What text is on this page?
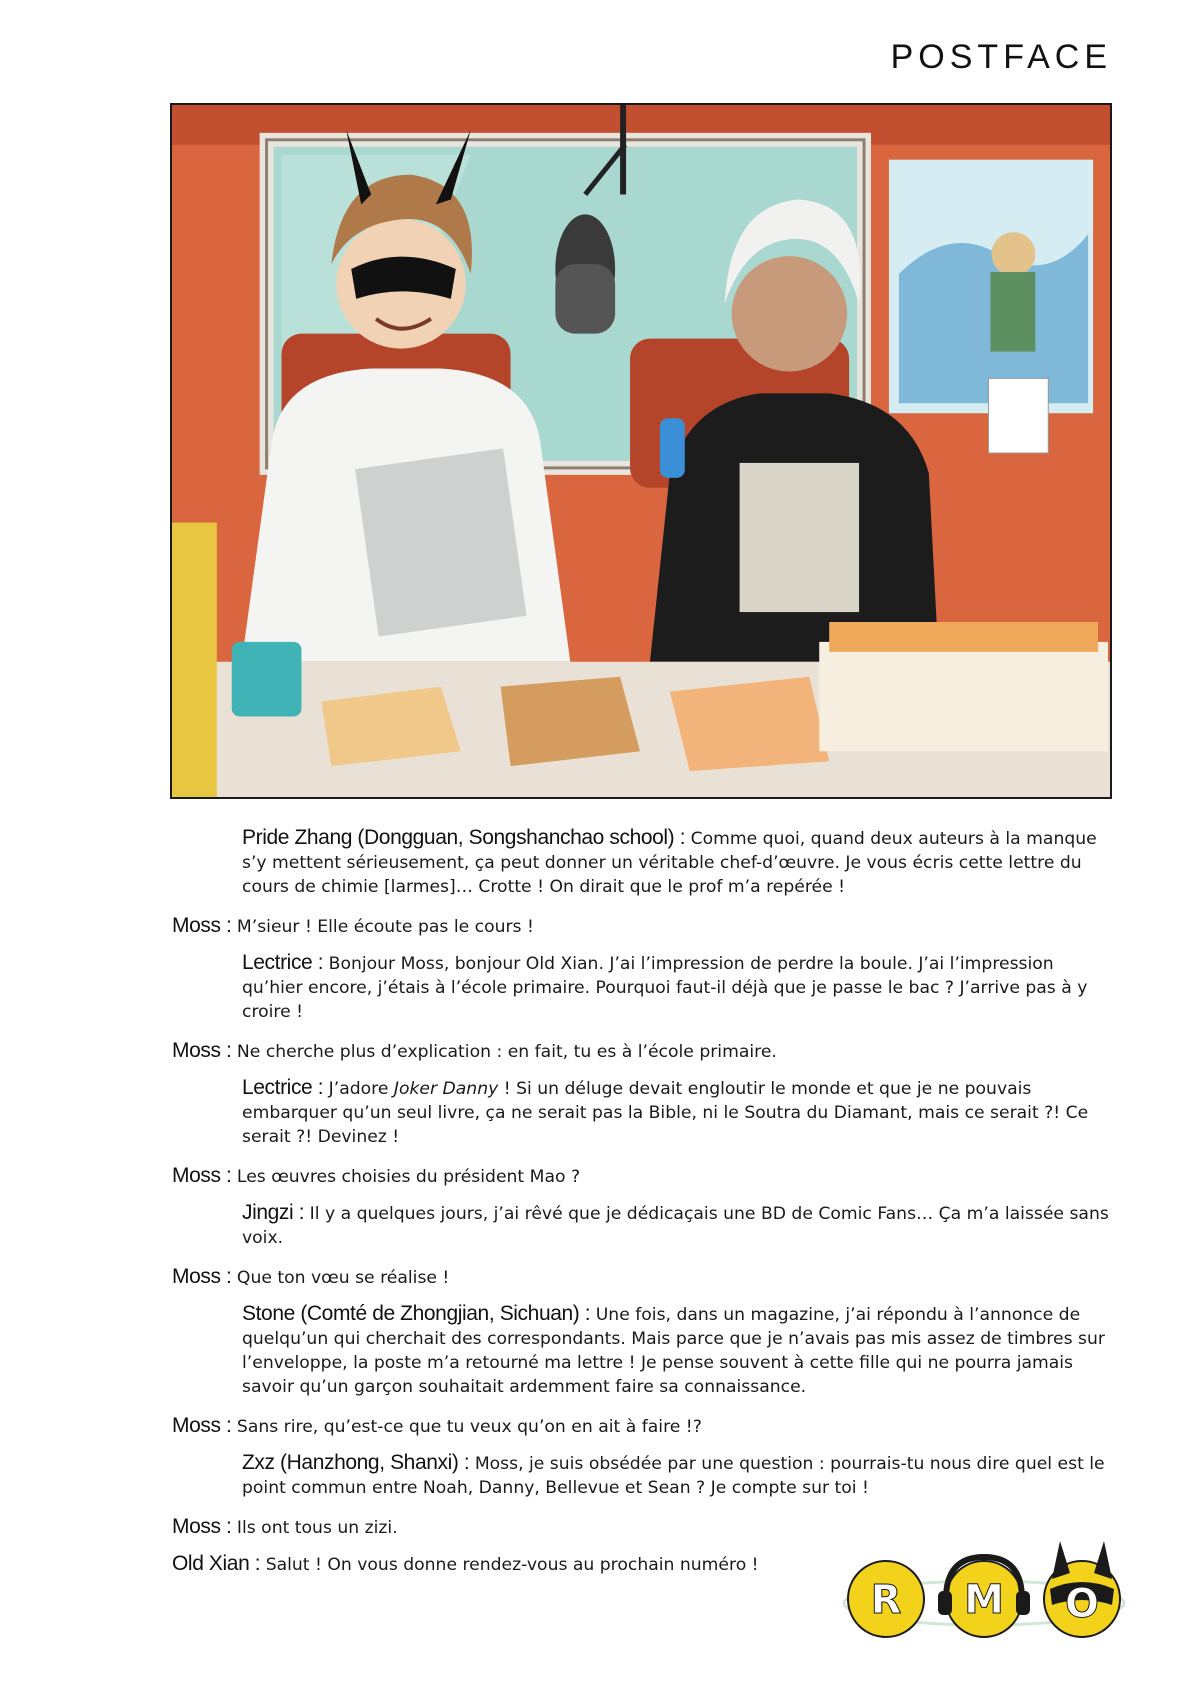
POSTFACE

Pride Zhang (Dongguan, Songshanchao school) : Comme quoi, quand deux auteurs à la manque s’y mettent sérieusement, ça peut donner un véritable chef-d’œuvre. Je vous écris cette lettre du cours de chimie [larmes]… Crotte ! On dirait que le prof m’a repérée !

Moss : M’sieur ! Elle écoute pas le cours !

Lectrice : Bonjour Moss, bonjour Old Xian. J’ai l’impression de perdre la boule. J’ai l’impression qu’hier encore, j’étais à l’école primaire. Pourquoi faut-il déjà que je passe le bac ? J’arrive pas à y croire !

Moss : Ne cherche plus d’explication : en fait, tu es à l’école primaire.

Lectrice : J’adore Joker Danny ! Si un déluge devait engloutir le monde et que je ne pouvais embarquer qu’un seul livre, ça ne serait pas la Bible, ni le Soutra du Diamant, mais ce serait ?! Ce serait ?! Devinez !

Moss : Les œuvres choisies du président Mao ?

Jingzi : Il y a quelques jours, j’ai rêvé que je dédicaçais une BD de Comic Fans… Ça m’a laissée sans voix.

Moss : Que ton vœu se réalise !

Stone (Comté de Zhongjian, Sichuan) : Une fois, dans un magazine, j’ai répondu à l’annonce de quelqu’un qui cherchait des correspondants. Mais parce que je n’avais pas mis assez de timbres sur l’enveloppe, la poste m’a retourné ma lettre ! Je pense souvent à cette fille qui ne pourra jamais savoir qu’un garçon souhaitait ardemment faire sa connaissance.

Moss : Sans rire, qu’est-ce que tu veux qu’on en ait à faire !?

Zxz (Hanzhong, Shanxi) : Moss, je suis obsédée par une question : pourrais-tu nous dire quel est le point commun entre Noah, Danny, Bellevue et Sean ? Je compte sur toi !

Moss : Ils ont tous un zizi.

Old Xian : Salut ! On vous donne rendez-vous au prochain numéro !

R M O
